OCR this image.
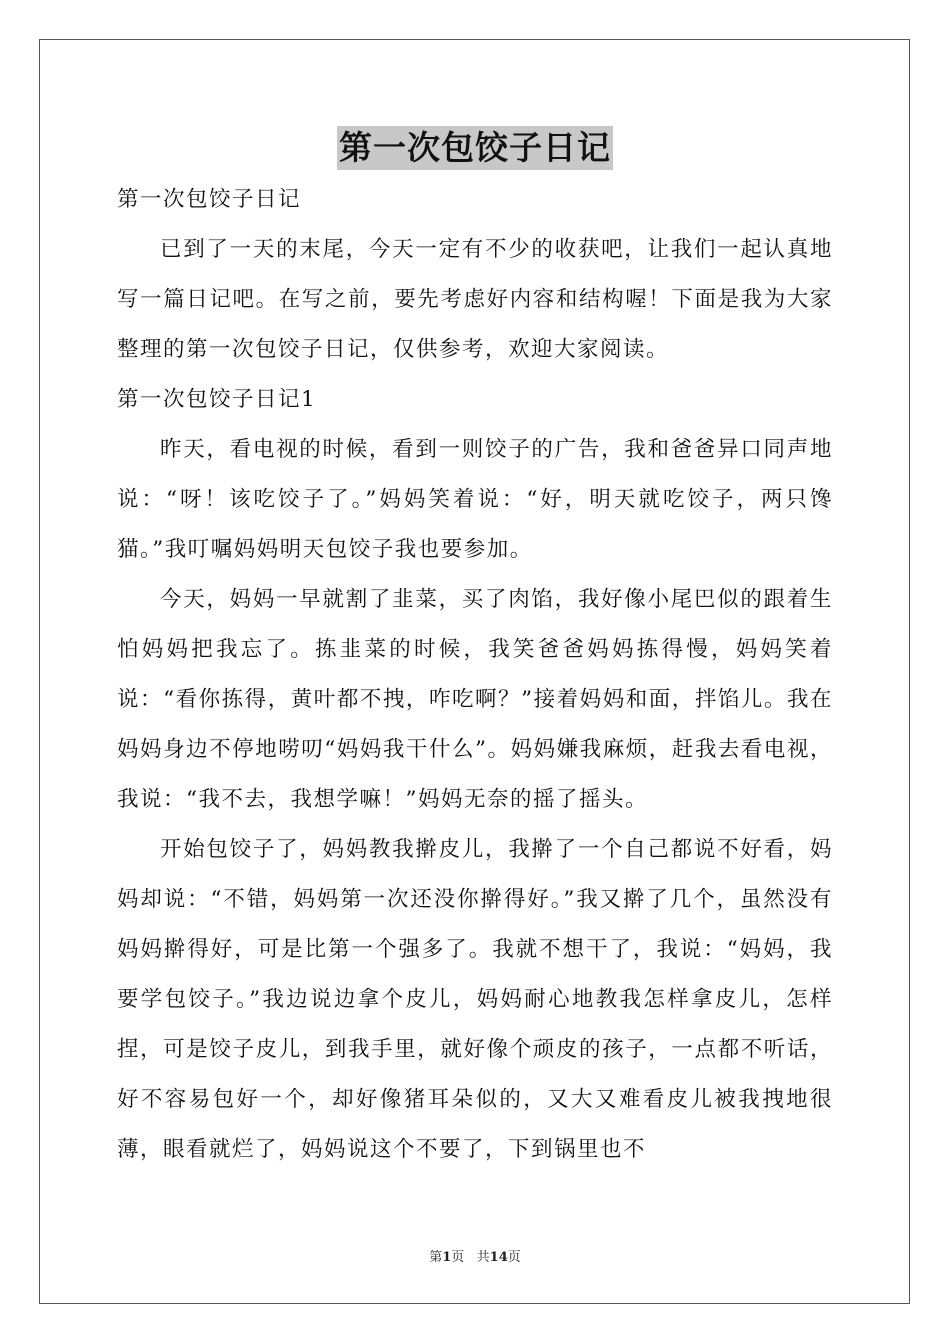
第一次包饺子日记

第一次包饺子日记

已到了一天的末尾，今天一定有不少的收获吧，让我们一起认真地写一篇日记吧。在写之前，要先考虑好内容和结构喔！下面是我为大家整理的第一次包饺子日记，仅供参考，欢迎大家阅读。

第一次包饺子日记1

昨天，看电视的时候，看到一则饺子的广告，我和爸爸异口同声地说：“呀！该吃饺子了。”妈妈笑着说：“好，明天就吃饺子，两只馋猫。”我叮嘱妈妈明天包饺子我也要参加。

今天，妈妈一早就割了韭菜，买了肉馅，我好像小尾巴似的跟着生怕妈妈把我忘了。拣韭菜的时候，我笑爸爸妈妈拣得慢，妈妈笑着说：“看你拣得，黄叶都不拽，咋吃啊？”接着妈妈和面，拌馅儿。我在妈妈身边不停地唠叨“妈妈我干什么”。妈妈嫌我麻烦，赶我去看电视，我说：“我不去，我想学嘛！”妈妈无奈的摇了摇头。

开始包饺子了，妈妈教我擀皮儿，我擀了一个自己都说不好看，妈妈却说：“不错，妈妈第一次还没你擀得好。”我又擀了几个，虽然没有妈妈擀得好，可是比第一个强多了。我就不想干了，我说：“妈妈，我要学包饺子。”我边说边拿个皮儿，妈妈耐心地教我怎样拿皮儿，怎样捏，可是饺子皮儿，到我手里，就好像个顽皮的孩子，一点都不听话，好不容易包好一个，却好像猪耳朵似的，又大又难看皮儿被我拽地很薄，眼看就烂了，妈妈说这个不要了，下到锅里也不

第1页   共14页
